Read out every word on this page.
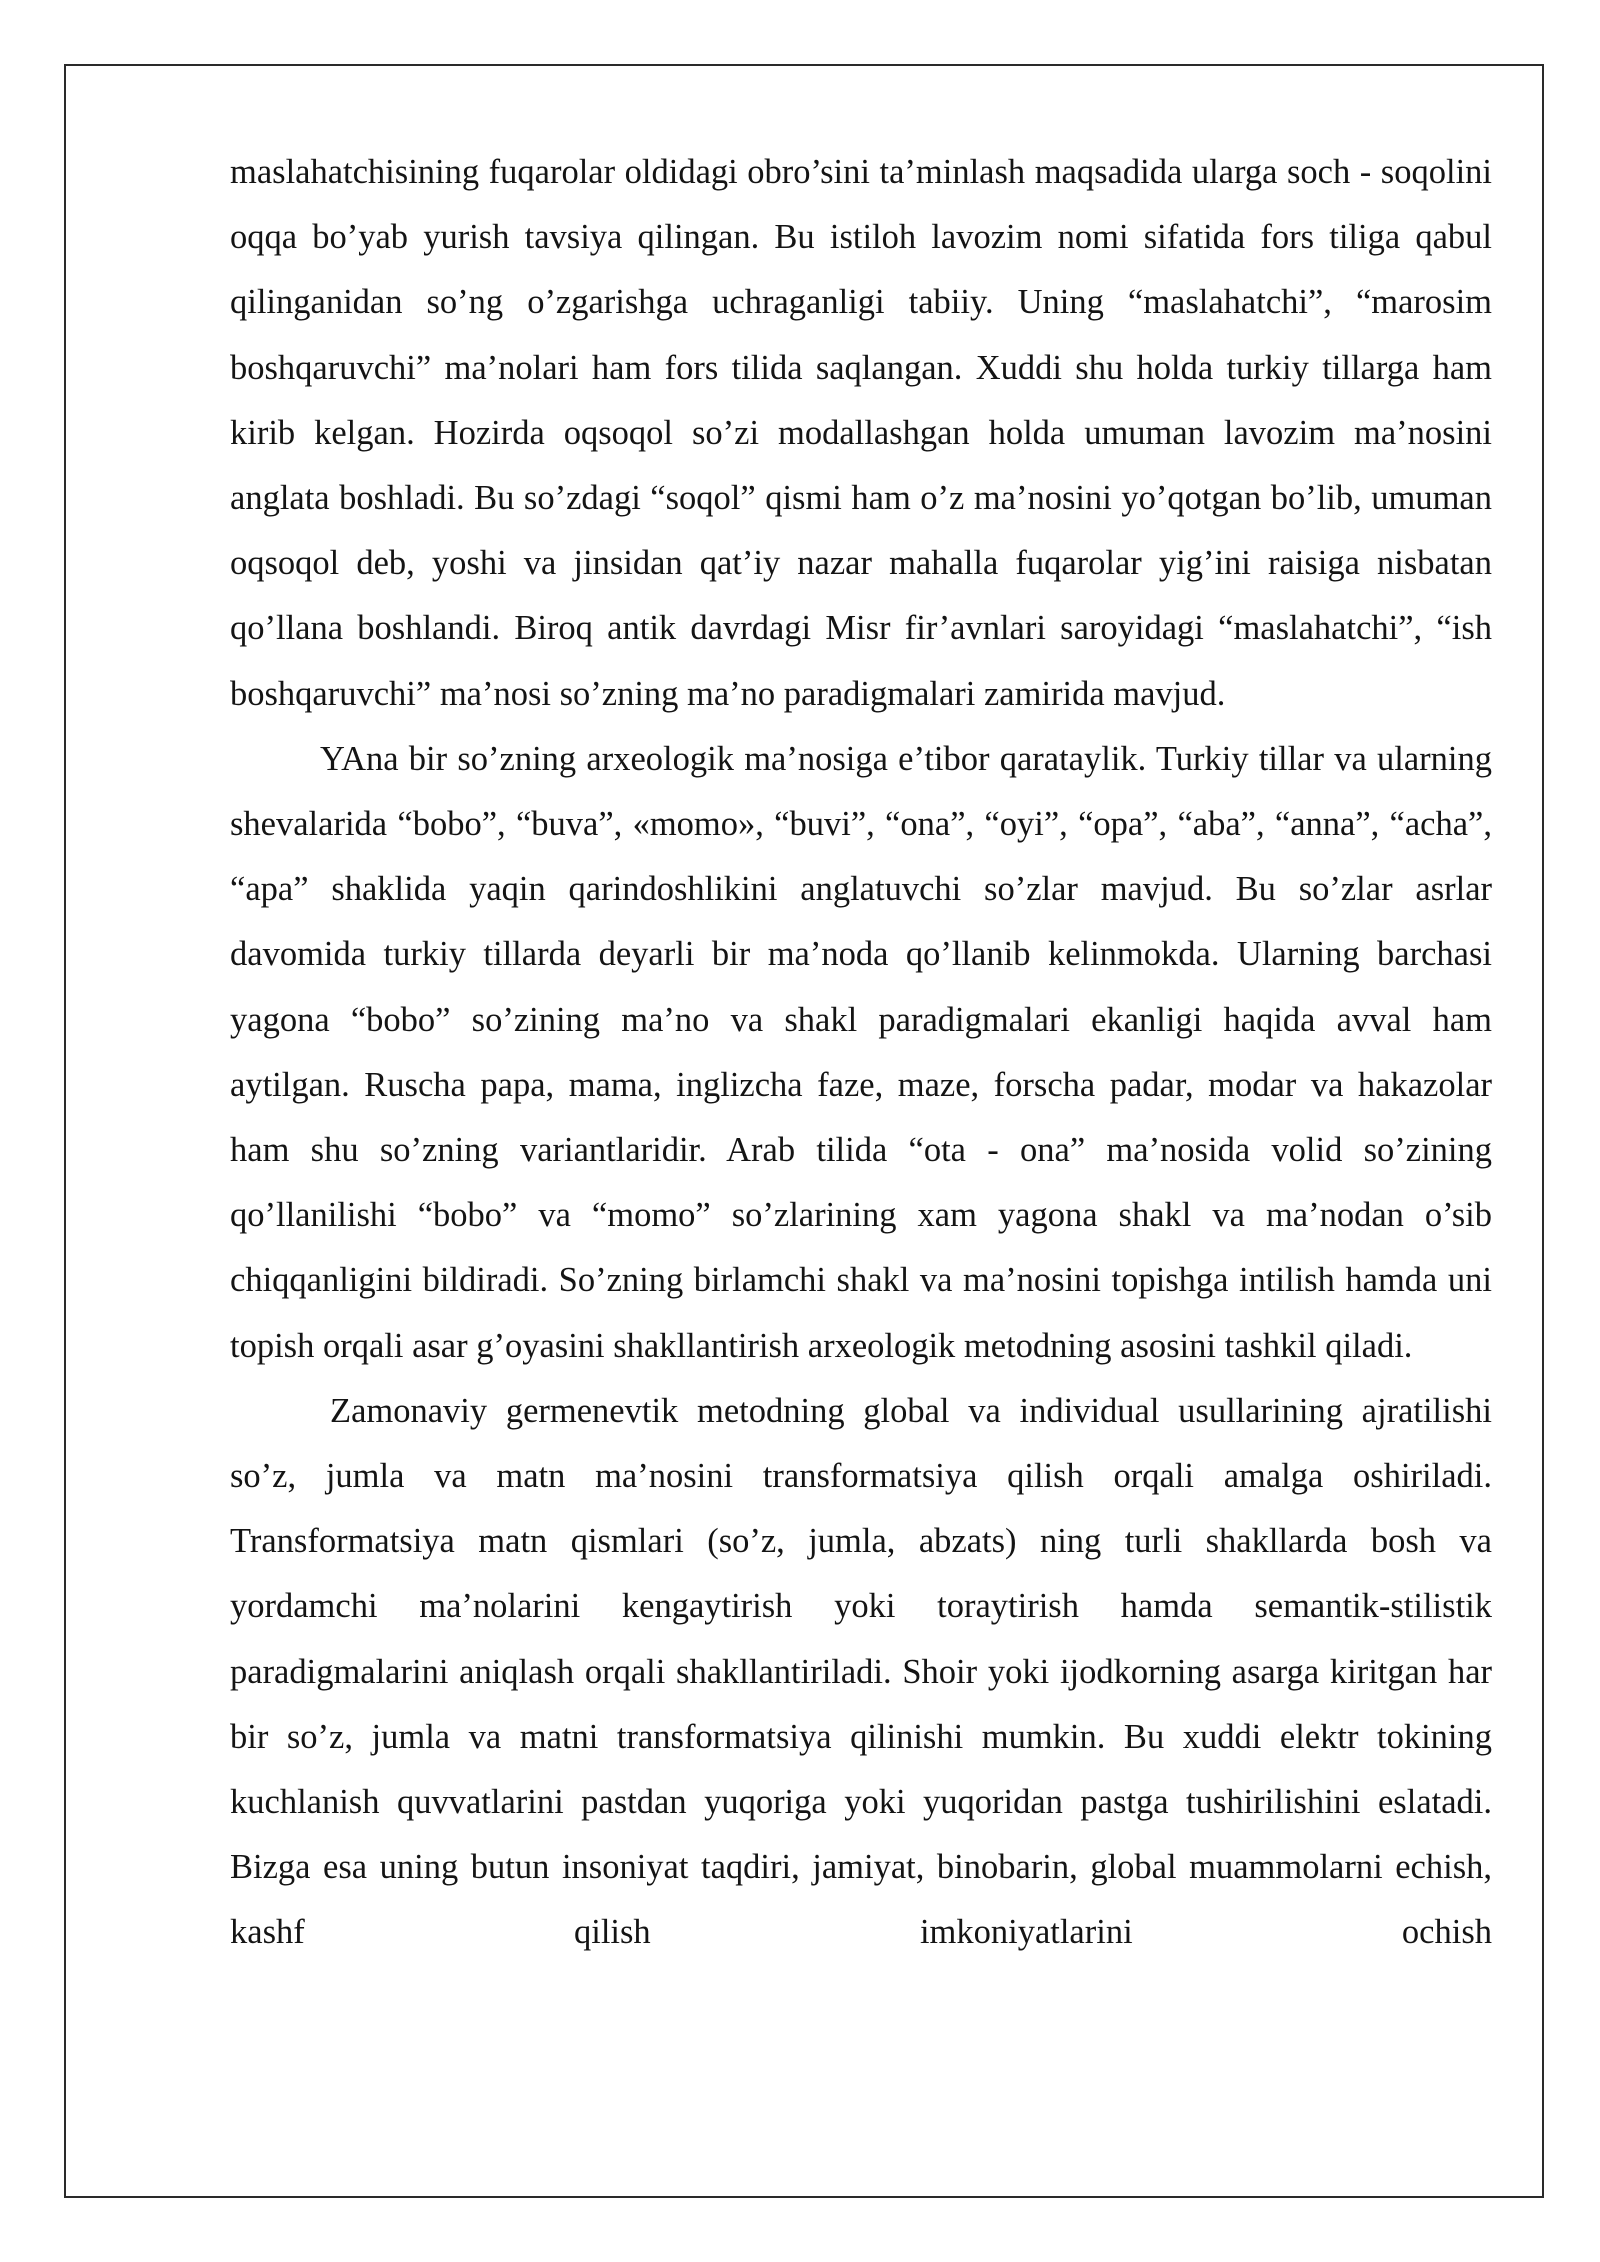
maslahatchisining fuqarolar oldidagi obro’sini ta’minlash maqsadida ularga soch - soqolini oqqa bo’yab yurish tavsiya qilingan. Bu istiloh lavozim nomi sifatida fors tiliga qabul qilinganidan so’ng o’zgarishga uchraganligi tabiiy. Uning “maslahatchi”, “marosim boshqaruvchi” ma’nolari ham fors tilida saqlangan. Xuddi shu holda turkiy tillarga ham kirib kelgan. Hozirda oqsoqol so’zi modallashgan holda umuman lavozim ma’nosini anglata boshladi. Bu so’zdagi “soqol” qismi ham o’z ma’nosini yo’qotgan bo’lib, umuman oqsoqol deb, yoshi va jinsidan qat’iy nazar mahalla fuqarolar yig’ini raisiga nisbatan qo’llana boshlandi. Biroq antik davrdagi Misr fir’avnlari saroyidagi “maslahatchi”, “ish boshqaruvchi” ma’nosi so’zning ma’no paradigmalari zamirida mavjud.

YAna bir so’zning arxeologik ma’nosiga e’tibor qarataylik. Turkiy tillar va ularning shevalarida “bobo”, “buva”, «momo», “buvi”, “ona”, “oyi”, “opa”, “aba”, “anna”, “acha”, “apa” shaklida yaqin qarindoshlikini anglatuvchi so’zlar mavjud. Bu so’zlar asrlar davomida turkiy tillarda deyarli bir ma’noda qo’llanib kelinmokda. Ularning barchasi yagona “bobo” so’zining ma’no va shakl paradigmalari ekanligi haqida avval ham aytilgan. Ruscha papa, mama, inglizcha faze, maze, forscha padar, modar va hakazolar ham shu so’zning variantlaridir. Arab tilida “ota - ona” ma’nosida volid so’zining qo’llanilishi “bobo” va “momo” so’zlarining xam yagona shakl va ma’nodan o’sib chiqqanligini bildiradi. So’zning birlamchi shakl va ma’nosini topishga intilish hamda uni topish orqali asar g’oyasini shakllantirish arxeologik metodning asosini tashkil qiladi.

Zamonaviy germenevtik metodning global va individual usullarining ajratilishi so’z, jumla va matn ma’nosini transformatsiya qilish orqali amalga oshiriladi. Transformatsiya matn qismlari (so’z, jumla, abzats) ning turli shakllarda bosh va yordamchi ma’nolarini kengaytirish yoki toraytirish hamda semantik-stilistik paradigmalarini aniqlash orqali shakllantiriladi. Shoir yoki ijodkorning asarga kiritgan har bir so’z, jumla va matni transformatsiya qilinishi mumkin. Bu xuddi elektr tokining kuchlanish quvvatlarini pastdan yuqoriga yoki yuqoridan pastga tushirilishini eslatadi. Bizga esa uning butun insoniyat taqdiri, jamiyat, binobarin, global muammolarni echish, kashf qilish imkoniyatlarini ochish
